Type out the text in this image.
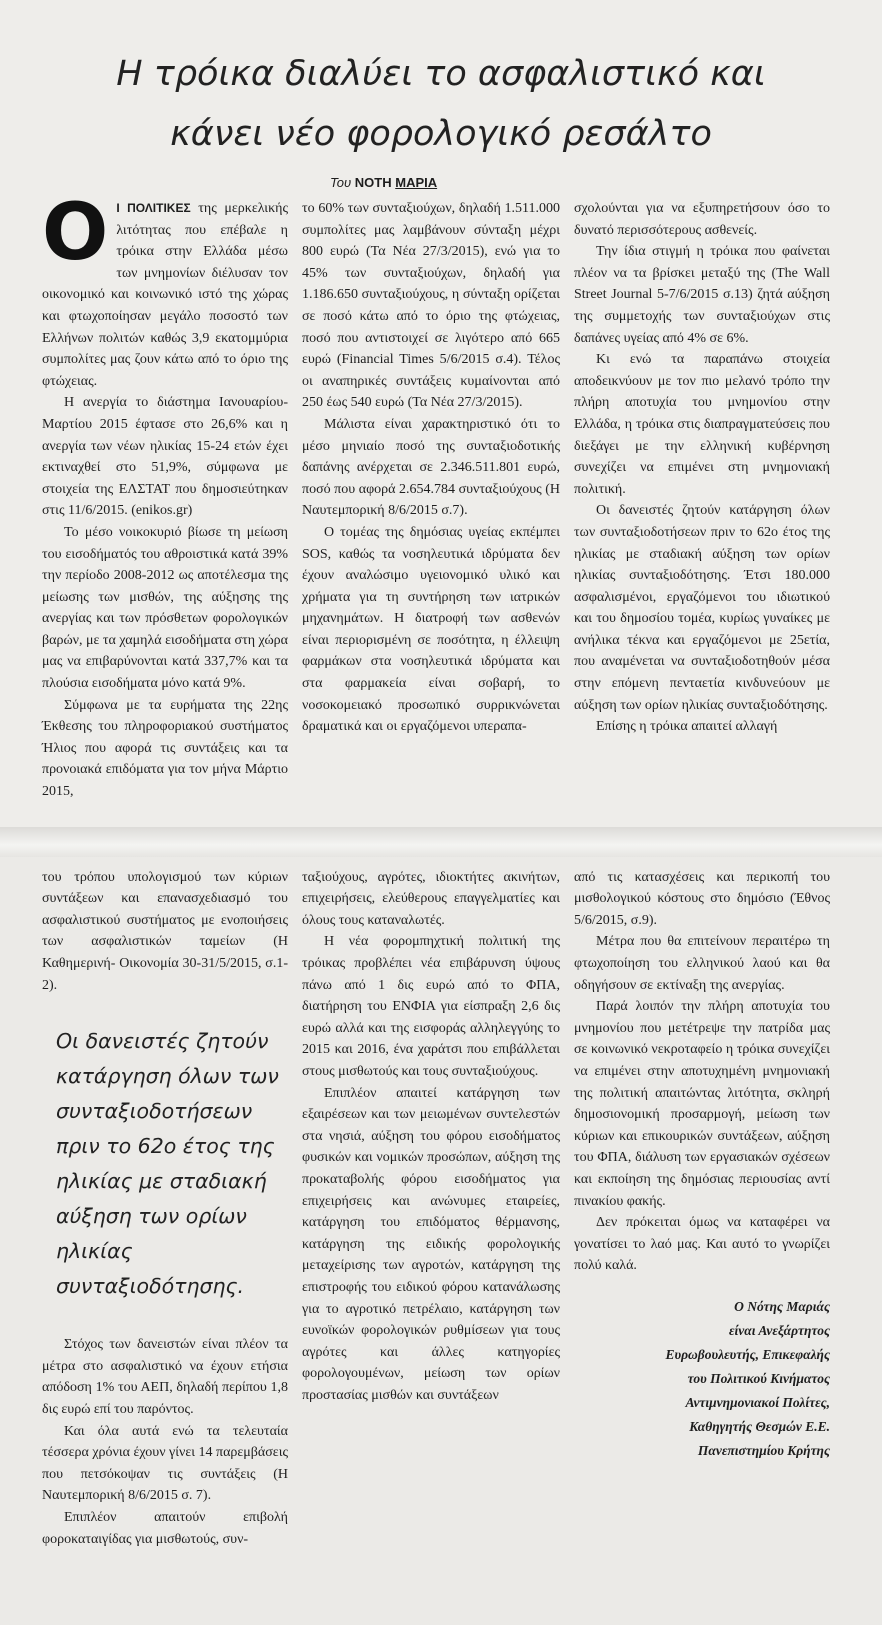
Η τρόικα διαλύει το ασφαλιστικό και
κάνει νέο φορολογικό ρεσάλτο
Του ΝΟΤΗ ΜΑΡΙΑ

Ο Ι ΠΟΛΙΤΙΚΕΣ της μερκελικής λιτότητας που επέβαλε η τρόικα στην Ελλάδα μέσω των μνημονίων διέλυσαν τον οικονομικό και κοινωνικό ιστό της χώρας και φτωχοποίησαν μεγάλο ποσοστό των Ελλήνων πολιτών καθώς 3,9 εκατομμύρια συμπολίτες μας ζουν κάτω από το όριο της φτώχειας.

Η ανεργία το διάστημα Ιανουαρίου-Μαρτίου 2015 έφτασε στο 26,6% και η ανεργία των νέων ηλικίας 15-24 ετών έχει εκτιναχθεί στο 51,9%, σύμφωνα με στοιχεία της ΕΛΣΤΑΤ που δημοσιεύτηκαν στις 11/6/2015. (enikos.gr)

Το μέσο νοικοκυριό βίωσε τη μείωση του εισοδήματός του αθροιστικά κατά 39% την περίοδο 2008-2012 ως αποτέλεσμα της μείωσης των μισθών, της αύξησης της ανεργίας και των πρόσθετων φορολογικών βαρών, με τα χαμηλά εισοδήματα στη χώρα μας να επιβαρύνονται κατά 337,7% και τα πλούσια εισοδήματα μόνο κατά 9%.

Σύμφωνα με τα ευρήματα της 22ης Έκθεσης του πληροφοριακού συστήματος Ήλιος που αφορά τις συντάξεις και τα προνοιακά επιδόματα για τον μήνα Μάρτιο 2015,

το 60% των συνταξιούχων, δηλαδή 1.511.000 συμπολίτες μας λαμβάνουν σύνταξη μέχρι 800 ευρώ (Τα Νέα 27/3/2015), ενώ για το 45% των συνταξιούχων, δηλαδή για 1.186.650 συνταξιούχους, η σύνταξη ορίζεται σε ποσό κάτω από το όριο της φτώχειας, ποσό που αντιστοιχεί σε λιγότερο από 665 ευρώ (Financial Times 5/6/2015 σ.4). Τέλος οι αναπηρικές συντάξεις κυμαίνονται από 250 έως 540 ευρώ (Τα Νέα 27/3/2015).

Μάλιστα είναι χαρακτηριστικό ότι το μέσο μηνιαίο ποσό της συνταξιοδοτικής δαπάνης ανέρχεται σε 2.346.511.801 ευρώ, ποσό που αφορά 2.654.784 συνταξιούχους (Η Ναυτεμπορική 8/6/2015 σ.7).

Ο τομέας της δημόσιας υγείας εκπέμπει SOS, καθώς τα νοσηλευτικά ιδρύματα δεν έχουν αναλώσιμο υγειονομικό υλικό και χρήματα για τη συντήρηση των ιατρικών μηχανημάτων. Η διατροφή των ασθενών είναι περιορισμένη σε ποσότητα, η έλλειψη φαρμάκων στα νοσηλευτικά ιδρύματα και στα φαρμακεία είναι σοβαρή, το νοσοκομειακό προσωπικό συρρικνώνεται δραματικά και οι εργαζόμενοι υπεραπα-

σχολούνται για να εξυπηρετήσουν όσο το δυνατό περισσότερους ασθενείς.

Την ίδια στιγμή η τρόικα που φαίνεται πλέον να τα βρίσκει μεταξύ της (The Wall Street Journal 5-7/6/2015 σ.13) ζητά αύξηση της συμμετοχής των συνταξιούχων στις δαπάνες υγείας από 4% σε 6%.

Κι ενώ τα παραπάνω στοιχεία αποδεικνύουν με τον πιο μελανό τρόπο την πλήρη αποτυχία του μνημονίου στην Ελλάδα, η τρόικα στις διαπραγματεύσεις που διεξάγει με την ελληνική κυβέρνηση συνεχίζει να επιμένει στη μνημονιακή πολιτική.

Οι δανειστές ζητούν κατάργηση όλων των συνταξιοδοτήσεων πριν το 62ο έτος της ηλικίας με σταδιακή αύξηση των ορίων ηλικίας συνταξιοδότησης. Έτσι 180.000 ασφαλισμένοι, εργαζόμενοι του ιδιωτικού και του δημοσίου τομέα, κυρίως γυναίκες με ανήλικα τέκνα και εργαζόμενοι με 25ετία, που αναμένεται να συνταξιοδοτηθούν μέσα στην επόμενη πενταετία κινδυνεύουν με αύξηση των ορίων ηλικίας συνταξιοδότησης.

Επίσης η τρόικα απαιτεί αλλαγή

του τρόπου υπολογισμού των κύριων συντάξεων και επανασχεδιασμό του ασφαλιστικού συστήματος με ενοποιήσεις των ασφαλιστικών ταμείων (Η Καθημερινή- Οικονομία 30-31/5/2015, σ.1-2).

Οι δανειστές ζητούν κατάργηση όλων των συνταξιοδοτήσεων πριν το 62ο έτος της ηλικίας με σταδιακή αύξηση των ορίων ηλικίας συνταξιοδότησης.

Στόχος των δανειστών είναι πλέον τα μέτρα στο ασφαλιστικό να έχουν ετήσια απόδοση 1% του ΑΕΠ, δηλαδή περίπου 1,8 δις ευρώ επί του παρόντος.

Και όλα αυτά ενώ τα τελευταία τέσσερα χρόνια έχουν γίνει 14 παρεμβάσεις που πετσόκοψαν τις συντάξεις (Η Ναυτεμπορική 8/6/2015 σ. 7).

Επιπλέον απαιτούν επιβολή φοροκαταιγίδας για μισθωτούς, συν-

ταξιούχους, αγρότες, ιδιοκτήτες ακινήτων, επιχειρήσεις, ελεύθερους επαγγελματίες και όλους τους καταναλωτές.

Η νέα φορομπηχτική πολιτική της τρόικας προβλέπει νέα επιβάρυνση ύψους πάνω από 1 δις ευρώ από το ΦΠΑ, διατήρηση του ΕΝΦΙΑ για είσπραξη 2,6 δις ευρώ αλλά και της εισφοράς αλληλεγγύης το 2015 και 2016, ένα χαράτσι που επιβάλλεται στους μισθωτούς και τους συνταξιούχους.

Επιπλέον απαιτεί κατάργηση των εξαιρέσεων και των μειωμένων συντελεστών στα νησιά, αύξηση του φόρου εισοδήματος φυσικών και νομικών προσώπων, αύξηση της προκαταβολής φόρου εισοδήματος για επιχειρήσεις και ανώνυμες εταιρείες, κατάργηση του επιδόματος θέρμανσης, κατάργηση της ειδικής φορολογικής μεταχείρισης των αγροτών, κατάργηση της επιστροφής του ειδικού φόρου κατανάλωσης για το αγροτικό πετρέλαιο, κατάργηση των ευνοϊκών φορολογικών ρυθμίσεων για τους αγρότες και άλλες κατηγορίες φορολογουμένων, μείωση των ορίων προστασίας μισθών και συντάξεων

από τις κατασχέσεις και περικοπή του μισθολογικού κόστους στο δημόσιο (Έθνος 5/6/2015, σ.9).

Μέτρα που θα επιτείνουν περαιτέρω τη φτωχοποίηση του ελληνικού λαού και θα οδηγήσουν σε εκτίναξη της ανεργίας.

Παρά λοιπόν την πλήρη αποτυχία του μνημονίου που μετέτρεψε την πατρίδα μας σε κοινωνικό νεκροταφείο η τρόικα συνεχίζει να επιμένει στην αποτυχημένη μνημονιακή της πολιτική απαιτώντας λιτότητα, σκληρή δημοσιονομική προσαρμογή, μείωση των κύριων και επικουρικών συντάξεων, αύξηση του ΦΠΑ, διάλυση των εργασιακών σχέσεων και εκποίηση της δημόσιας περιουσίας αντί πινακίου φακής.

Δεν πρόκειται όμως να καταφέρει να γονατίσει το λαό μας. Και αυτό το γνωρίζει πολύ καλά.

Ο Νότης Μαριάς
είναι Ανεξάρτητος
Ευρωβουλευτής, Επικεφαλής
του Πολιτικού Κινήματος
Αντιμνημονιακοί Πολίτες,
Καθηγητής Θεσμών Ε.Ε.
Πανεπιστημίου Κρήτης
